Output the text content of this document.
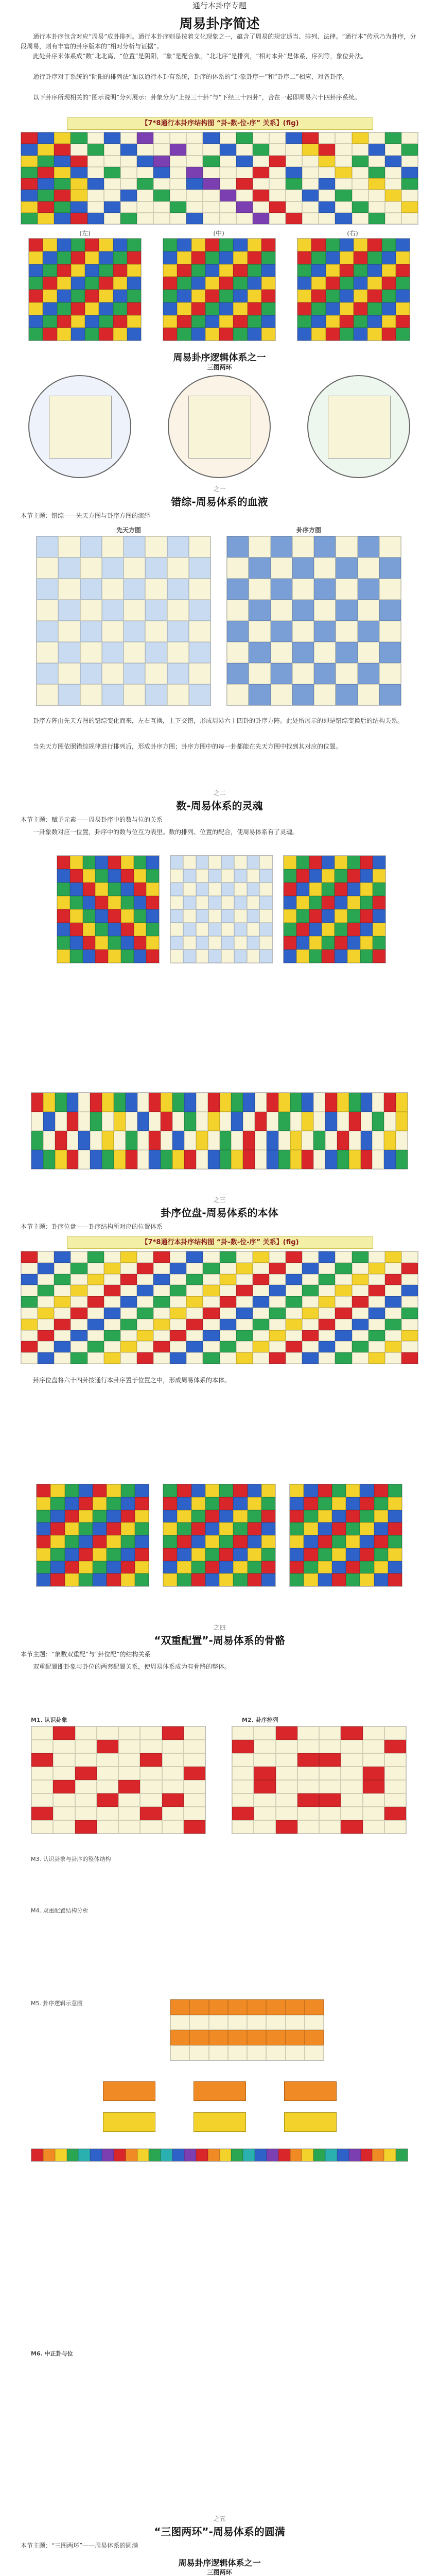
通行本卦序专题
周易卦序简述
通行本卦序包含对应“周易”成卦排列。通行本卦序则是按着文化现象之一，蕴含了周易的规定适当、排列、法律。“通行本”传承乃为卦序，分段周易，则有丰富的卦序版本的“相对分析与证据”。
此处卦序来体系成“数”北北离，“位置”是阴阳，“象”是配合象，“北北序”是排列，“相对本卦”是体系，序列等，象位卦法。
通行卦序对于系统的“阴阳的排列法”加以通行本卦有系统，卦序的体系的“卦象卦序一”和“卦序二”相应，对各卦序。
以下卦序所现相关的“图示说明”分列展示：卦象分为“上经三十卦”与“下经三十四卦”，合在一起即周易六十四卦序系统。
【7*8通行本卦序结构图 “卦-数-位-序” 关系】(fig)
(左)	(中)	(右)
周易卦序逻辑体系之一
三图两环
之一
错综-周易体系的血液
本节主题：错综——先天方图与卦序方图的演绎
先天方图	卦序方图
卦序方阵由先天方图的错综变化而来，左右互换，上下交错，形成周易六十四卦的卦序方阵。此处所展示的即是错综变换后的结构关系。
当先天方图依照错综规律进行排列后，形成卦序方图；卦序方图中的每一卦都能在先天方图中找到其对应的位置。
之二
数-周易体系的灵魂
本节主题：赋予元素——周易卦序中的数与位的关系
一卦象数对应一位置，卦序中的数与位互为表里。数的排列、位置的配合，使周易体系有了灵魂。
之三
卦序位盘-周易体系的本体
本节主题：卦序位盘——卦序结构所对应的位置体系
【7*8通行本卦序结构图 “卦-数-位-序” 关系】(fig)
卦序位盘将六十四卦按通行本卦序置于位置之中，形成周易体系的本体。
之四
“双重配置”-周易体系的骨骼
本节主题：“象数双重配”与“卦位配”的结构关系
双重配置即卦象与卦位的两套配置关系，使周易体系成为有骨骼的整体。
M1. 认识卦象	M2. 卦序排列
M3. 认识卦象与卦序的整体结构
M4. 双重配置结构分析
M5. 卦序逻辑示意图
M6. 中正卦与位
之五
“三图两环”-周易体系的圆满
本节主题：“三图两环”——周易体系的圆满
周易卦序逻辑体系之一
三图两环
